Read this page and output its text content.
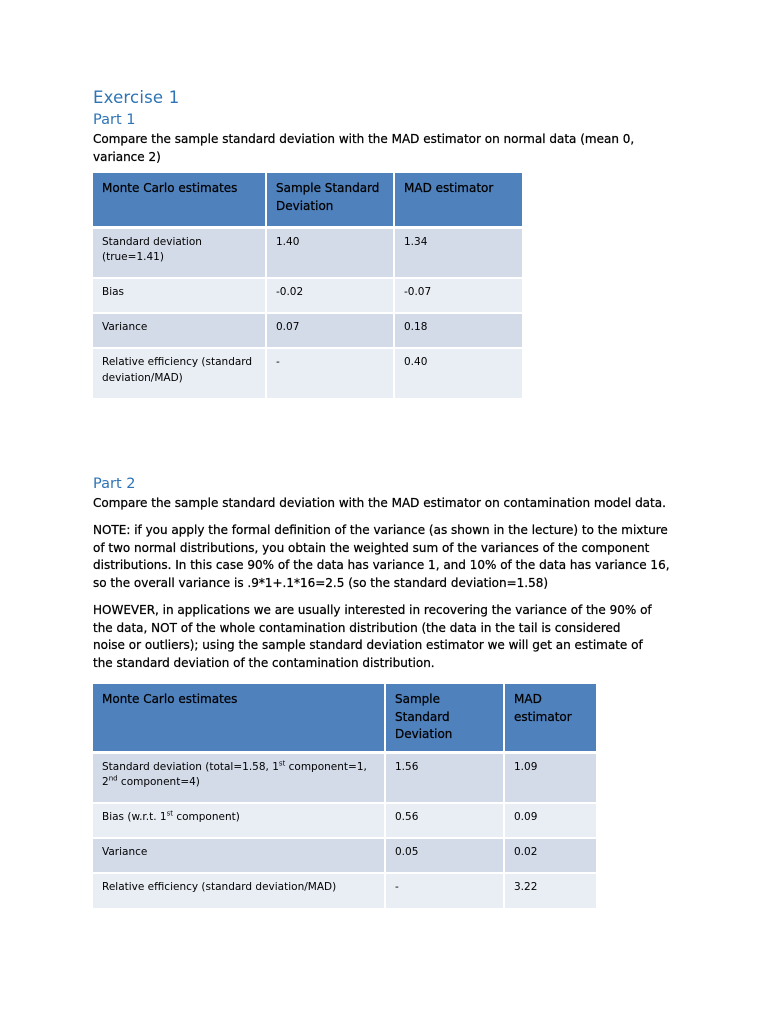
Exercise 1
Part 1
Compare the sample standard deviation with the MAD estimator on normal data (mean 0, variance 2)
Monte Carlo estimates	Sample Standard Deviation	MAD estimator
Standard deviation (true=1.41)	1.40	1.34
Bias	-0.02	-0.07
Variance	0.07	0.18
Relative efficiency (standard deviation/MAD)	-	0.40
Part 2
Compare the sample standard deviation with the MAD estimator on contamination model data.
NOTE: if you apply the formal definition of the variance (as shown in the lecture) to the mixture of two normal distributions, you obtain the weighted sum of the variances of the component distributions. In this case 90% of the data has variance 1, and 10% of the data has variance 16, so the overall variance is .9*1+.1*16=2.5 (so the standard deviation=1.58)
HOWEVER, in applications we are usually interested in recovering the variance of the 90% of the data, NOT of the whole contamination distribution (the data in the tail is considered noise or outliers); using the sample standard deviation estimator we will get an estimate of the standard deviation of the contamination distribution.
Monte Carlo estimates	Sample Standard Deviation	MAD estimator
Standard deviation (total=1.58, 1st component=1, 2nd component=4)	1.56	1.09
Bias (w.r.t. 1st component)	0.56	0.09
Variance	0.05	0.02
Relative efficiency (standard deviation/MAD)	-	3.22
